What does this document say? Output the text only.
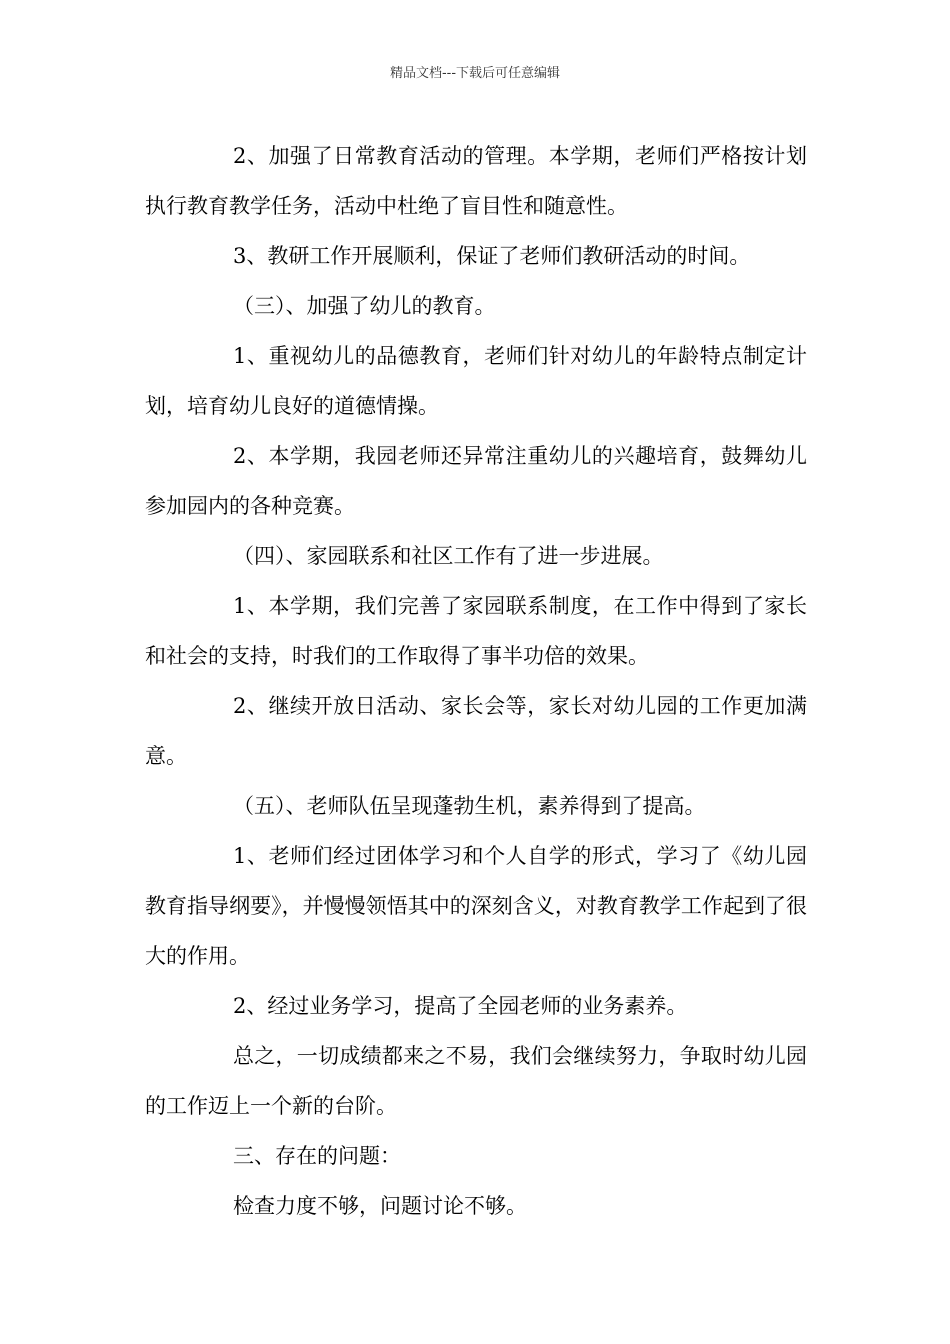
精品文档---下载后可任意编辑

2、加强了日常教育活动的管理。本学期，老师们严格按计划执行教育教学任务，活动中杜绝了盲目性和随意性。

3、教研工作开展顺利，保证了老师们教研活动的时间。

（三）、加强了幼儿的教育。

1、重视幼儿的品德教育，老师们针对幼儿的年龄特点制定计划，培育幼儿良好的道德情操。

2、本学期，我园老师还异常注重幼儿的兴趣培育，鼓舞幼儿参加园内的各种竞赛。

（四）、家园联系和社区工作有了进一步进展。

1、本学期，我们完善了家园联系制度，在工作中得到了家长和社会的支持，时我们的工作取得了事半功倍的效果。

2、继续开放日活动、家长会等，家长对幼儿园的工作更加满意。

（五）、老师队伍呈现蓬勃生机，素养得到了提高。

1、老师们经过团体学习和个人自学的形式，学习了《幼儿园教育指导纲要》，并慢慢领悟其中的深刻含义，对教育教学工作起到了很大的作用。

2、经过业务学习，提高了全园老师的业务素养。

总之，一切成绩都来之不易，我们会继续努力，争取时幼儿园的工作迈上一个新的台阶。

三、存在的问题：

检查力度不够，问题讨论不够。
